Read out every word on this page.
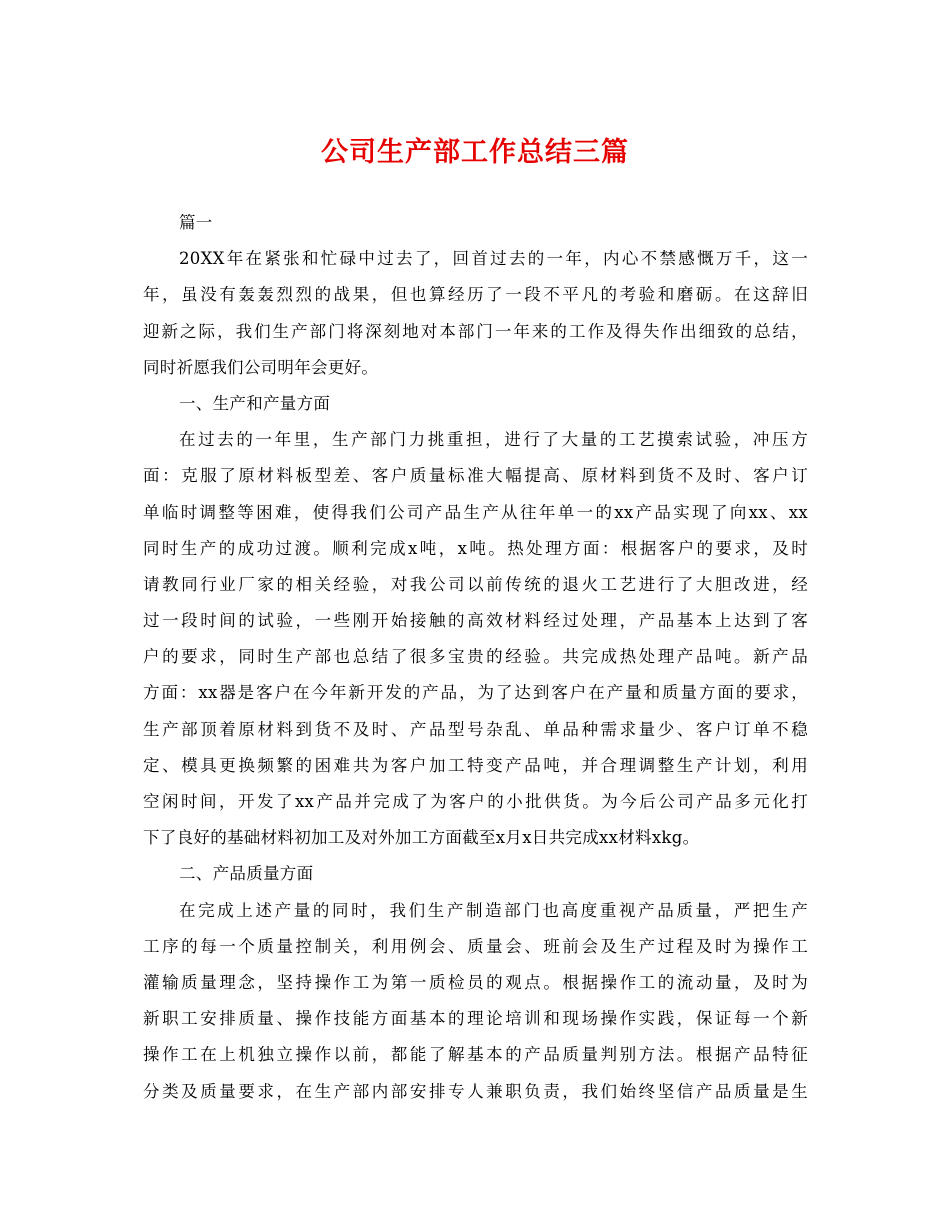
公司生产部工作总结三篇
篇一
20XX年在紧张和忙碌中过去了，回首过去的一年，内心不禁感慨万千，这一
年，虽没有轰轰烈烈的战果，但也算经历了一段不平凡的考验和磨砺。在这辞旧
迎新之际，我们生产部门将深刻地对本部门一年来的工作及得失作出细致的总结，
同时祈愿我们公司明年会更好。
一、生产和产量方面
在过去的一年里，生产部门力挑重担，进行了大量的工艺摸索试验，冲压方
面：克服了原材料板型差、客户质量标准大幅提高、原材料到货不及时、客户订
单临时调整等困难，使得我们公司产品生产从往年单一的xx产品实现了向xx、xx
同时生产的成功过渡。顺利完成x吨，x吨。热处理方面：根据客户的要求，及时
请教同行业厂家的相关经验，对我公司以前传统的退火工艺进行了大胆改进，经
过一段时间的试验，一些刚开始接触的高效材料经过处理，产品基本上达到了客
户的要求，同时生产部也总结了很多宝贵的经验。共完成热处理产品吨。新产品
方面：xx器是客户在今年新开发的产品，为了达到客户在产量和质量方面的要求，
生产部顶着原材料到货不及时、产品型号杂乱、单品种需求量少、客户订单不稳
定、模具更换频繁的困难共为客户加工特变产品吨，并合理调整生产计划，利用
空闲时间，开发了xx产品并完成了为客户的小批供货。为今后公司产品多元化打
下了良好的基础材料初加工及对外加工方面截至x月x日共完成xx材料xkg。
二、产品质量方面
在完成上述产量的同时，我们生产制造部门也高度重视产品质量，严把生产
工序的每一个质量控制关，利用例会、质量会、班前会及生产过程及时为操作工
灌输质量理念，坚持操作工为第一质检员的观点。根据操作工的流动量，及时为
新职工安排质量、操作技能方面基本的理论培训和现场操作实践，保证每一个新
操作工在上机独立操作以前，都能了解基本的产品质量判别方法。根据产品特征
分类及质量要求，在生产部内部安排专人兼职负责，我们始终坚信产品质量是生
